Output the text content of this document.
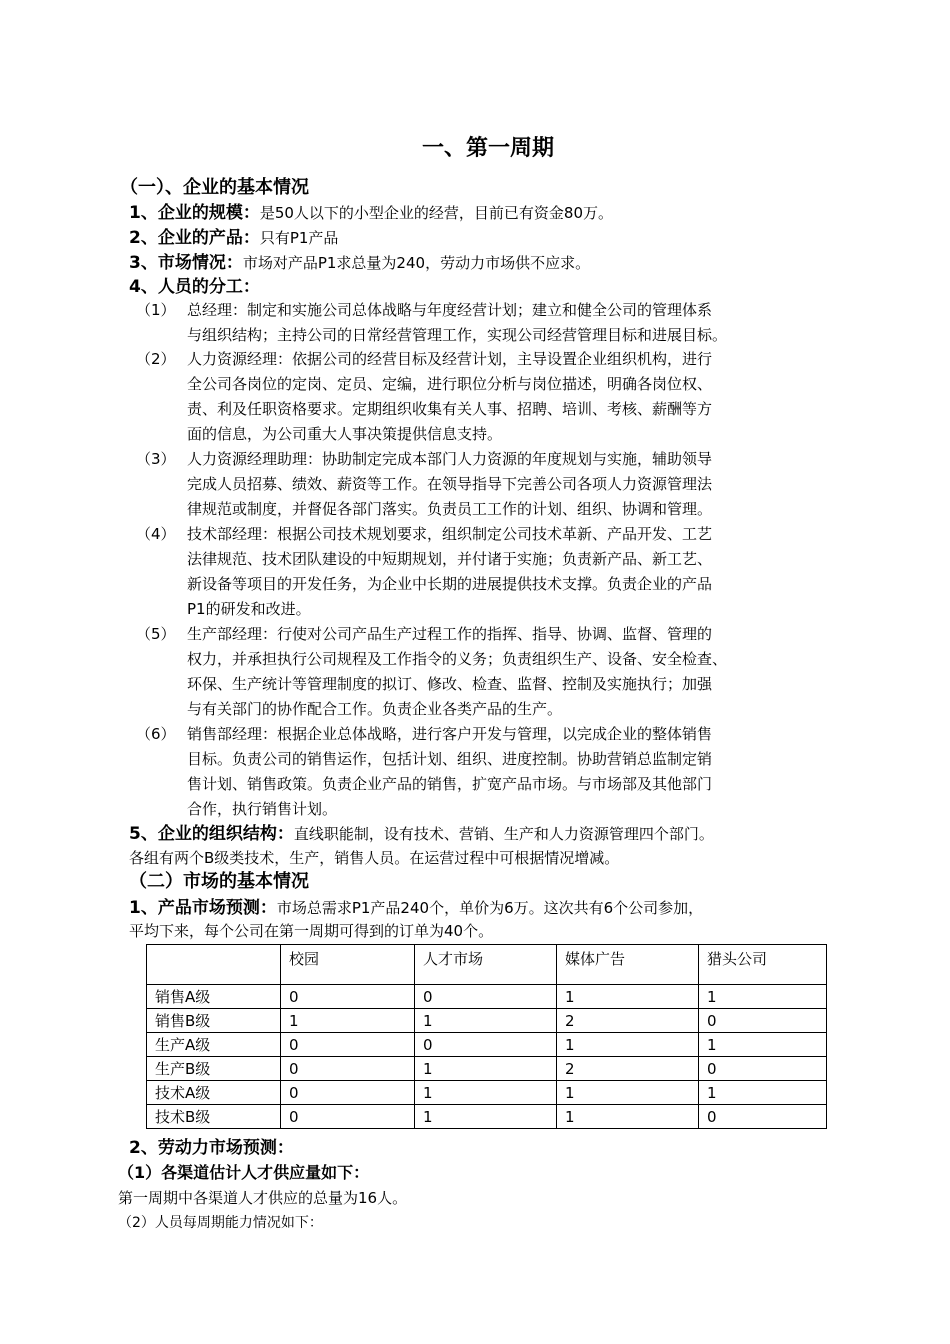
一、第一周期
（一）、企业的基本情况
1、企业的规模：是50人以下的小型企业的经营，目前已有资金80万。
2、企业的产品：只有P1产品
3、市场情况：市场对产品P1求总量为240，劳动力市场供不应求。
4、人员的分工：
（1） 总经理：制定和实施公司总体战略与年度经营计划；建立和健全公司的管理体系
与组织结构；主持公司的日常经营管理工作，实现公司经营管理目标和进展目标。
（2） 人力资源经理：依据公司的经营目标及经营计划，主导设置企业组织机构，进行
全公司各岗位的定岗、定员、定编，进行职位分析与岗位描述，明确各岗位权、
责、利及任职资格要求。定期组织收集有关人事、招聘、培训、考核、薪酬等方
面的信息，为公司重大人事决策提供信息支持。
（3） 人力资源经理助理：协助制定完成本部门人力资源的年度规划与实施，辅助领导
完成人员招募、绩效、薪资等工作。在领导指导下完善公司各项人力资源管理法
律规范或制度，并督促各部门落实。负责员工工作的计划、组织、协调和管理。
（4） 技术部经理：根据公司技术规划要求，组织制定公司技术革新、产品开发、工艺
法律规范、技术团队建设的中短期规划，并付诸于实施；负责新产品、新工艺、
新设备等项目的开发任务，为企业中长期的进展提供技术支撑。负责企业的产品
P1的研发和改进。
（5） 生产部经理：行使对公司产品生产过程工作的指挥、指导、协调、监督、管理的
权力，并承担执行公司规程及工作指令的义务；负责组织生产、设备、安全检查、
环保、生产统计等管理制度的拟订、修改、检查、监督、控制及实施执行；加强
与有关部门的协作配合工作。负责企业各类产品的生产。
（6） 销售部经理：根据企业总体战略，进行客户开发与管理，以完成企业的整体销售
目标。负责公司的销售运作，包括计划、组织、进度控制。协助营销总监制定销
售计划、销售政策。负责企业产品的销售，扩宽产品市场。与市场部及其他部门
合作，执行销售计划。
5、企业的组织结构：直线职能制，设有技术、营销、生产和人力资源管理四个部门。
各组有两个B级类技术，生产，销售人员。在运营过程中可根据情况增减。
（二）市场的基本情况
1、产品市场预测：市场总需求P1产品240个，单价为6万。这次共有6个公司参加，
平均下来，每个公司在第一周期可得到的订单为40个。
	校园	人才市场	媒体广告	猎头公司
销售A级	0	0	1	1
销售B级	1	1	2	0
生产A级	0	0	1	1
生产B级	0	1	2	0
技术A级	0	1	1	1
技术B级	0	1	1	0
2、劳动力市场预测：
（1）各渠道估计人才供应量如下：
第一周期中各渠道人才供应的总量为16人。
（2）人员每周期能力情况如下：
